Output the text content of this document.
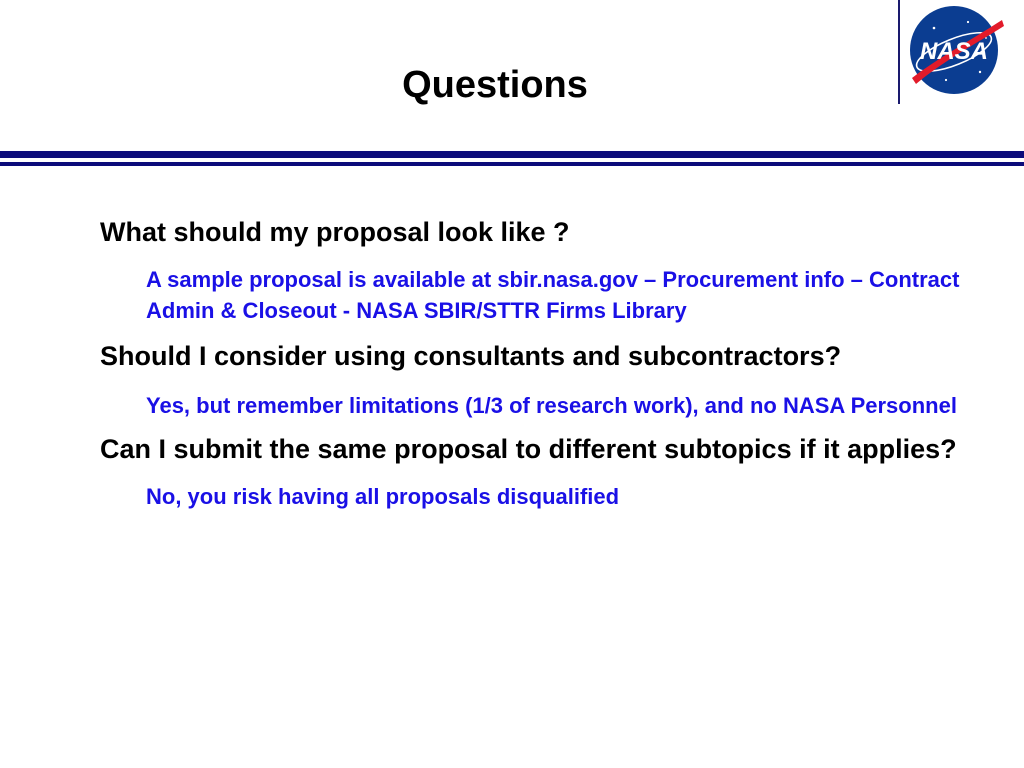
Questions
NASA

What should my proposal look like ?

A sample proposal is available at sbir.nasa.gov – Procurement info – Contract Admin & Closeout - NASA SBIR/STTR Firms Library

Should I consider using consultants and subcontractors?

Yes, but remember limitations (1/3 of research work), and no NASA Personnel

Can I submit the same proposal to different subtopics if it applies?

No, you risk having all proposals disqualified
